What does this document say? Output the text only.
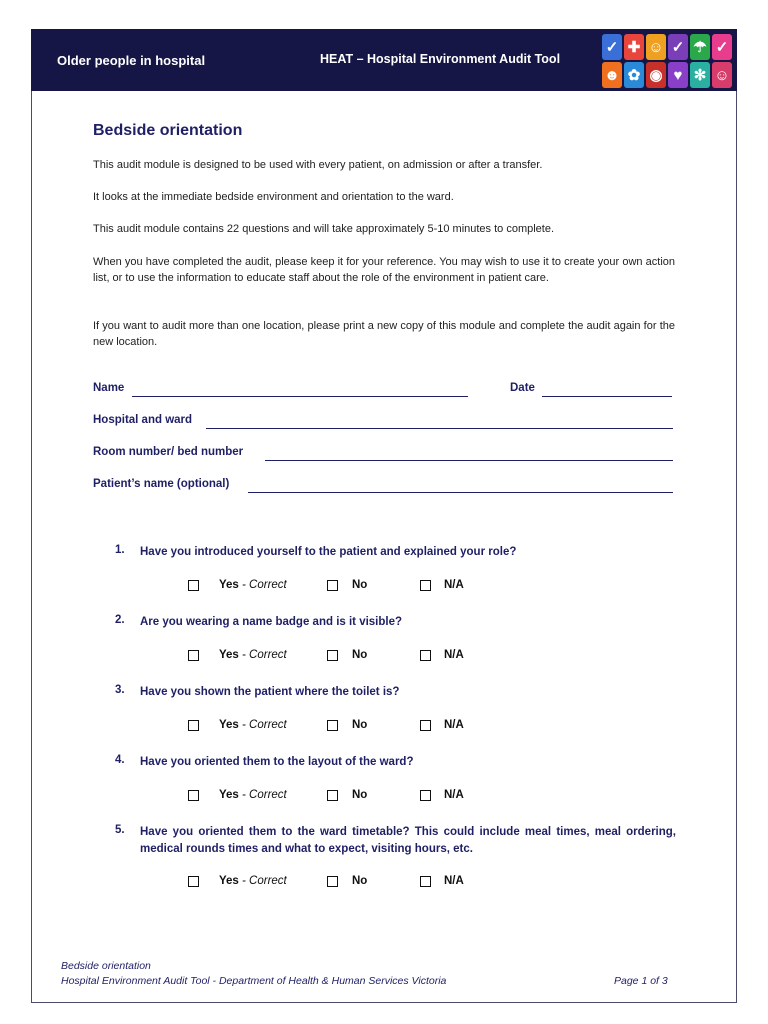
Older people in hospital	HEAT – Hospital Environment Audit Tool
✓ ✚ ☺ ✓ ☂ ✓
☻ ✿ ◉ ♥ ✻ ☺
Bedside orientation

This audit module is designed to be used with every patient, on admission or after a transfer.

It looks at the immediate bedside environment and orientation to the ward.

This audit module contains 22 questions and will take approximately 5-10 minutes to complete.

When you have completed the audit, please keep it for your reference. You may wish to use it to create your own action list, or to use the information to educate staff about the role of the environment in patient care.

If you want to audit more than one location, please print a new copy of this module and complete the audit again for the new location.

Name	Date
Hospital and ward
Room number/ bed number
Patient’s name (optional)
1. Have you introduced yourself to the patient and explained your role?
Yes - Correct	No	N/A
2. Are you wearing a name badge and is it visible?
Yes - Correct	No	N/A
3. Have you shown the patient where the toilet is?
Yes - Correct	No	N/A
4. Have you oriented them to the layout of the ward?
Yes - Correct	No	N/A
5. Have you oriented them to the ward timetable? This could include meal times, meal ordering, medical rounds times and what to expect, visiting hours, etc.
Yes - Correct	No	N/A
Bedside orientation
Hospital Environment Audit Tool - Department of Health & Human Services Victoria	Page 1 of 3
